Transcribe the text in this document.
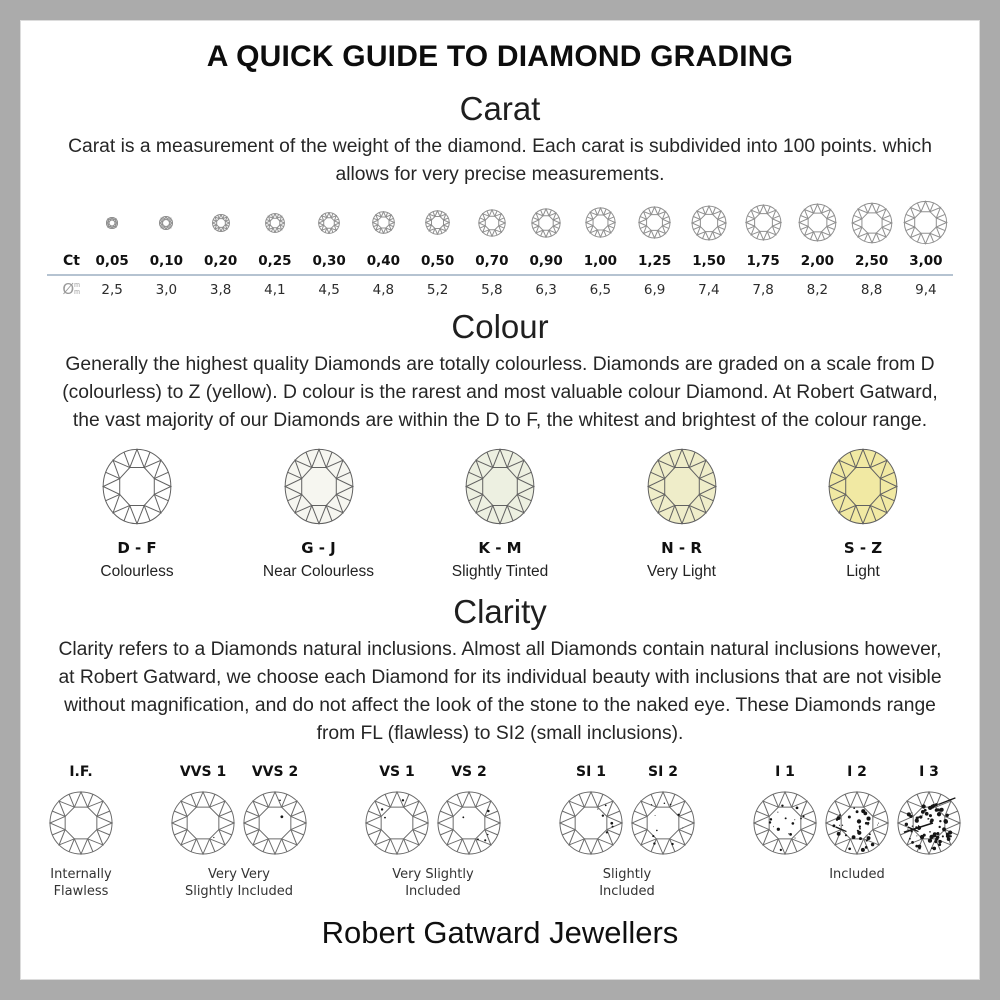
A QUICK GUIDE TO DIAMOND GRADING
Carat

Carat is a measurement of the weight of the diamond. Each carat is subdivided into 100 points. which allows for very precise measurements.

Ct	0,05	0,10	0,20	0,25	0,30	0,40	0,50	0,70	0,90	1,00	1,25	1,50	1,75	2,00	2,50	3,00
Ø m
m	2,5	3,0	3,8	4,1	4,5	4,8	5,2	5,8	6,3	6,5	6,9	7,4	7,8	8,2	8,8	9,4
Colour

Generally the highest quality Diamonds are totally colourless. Diamonds are graded on a scale from D (colourless) to Z (yellow). D colour is the rarest and most valuable colour Diamond. At Robert Gatward, the vast majority of our Diamonds are within the D to F, the whitest and brightest of the colour range.

D - F
Colourless
G - J
Near Colourless
K - M
Slightly Tinted
N - R
Very Light
S - Z
Light
Clarity

Clarity refers to a Diamonds natural inclusions. Almost all Diamonds contain natural inclusions however, at Robert Gatward, we choose each Diamond for its individual beauty with inclusions that are not visible without magnification, and do not affect the look of the stone to the naked eye. These Diamonds range from FL (flawless) to SI2 (small inclusions).

I.F.
Internally
Flawless
VVS 1 VVS 2
Very Very
Slightly Included
VS 1	VS 2
Very Slightly
Included
SI 1	SI 2
Slightly
Included
I 1	I 2	I 3
Included
Robert Gatward Jewellers
